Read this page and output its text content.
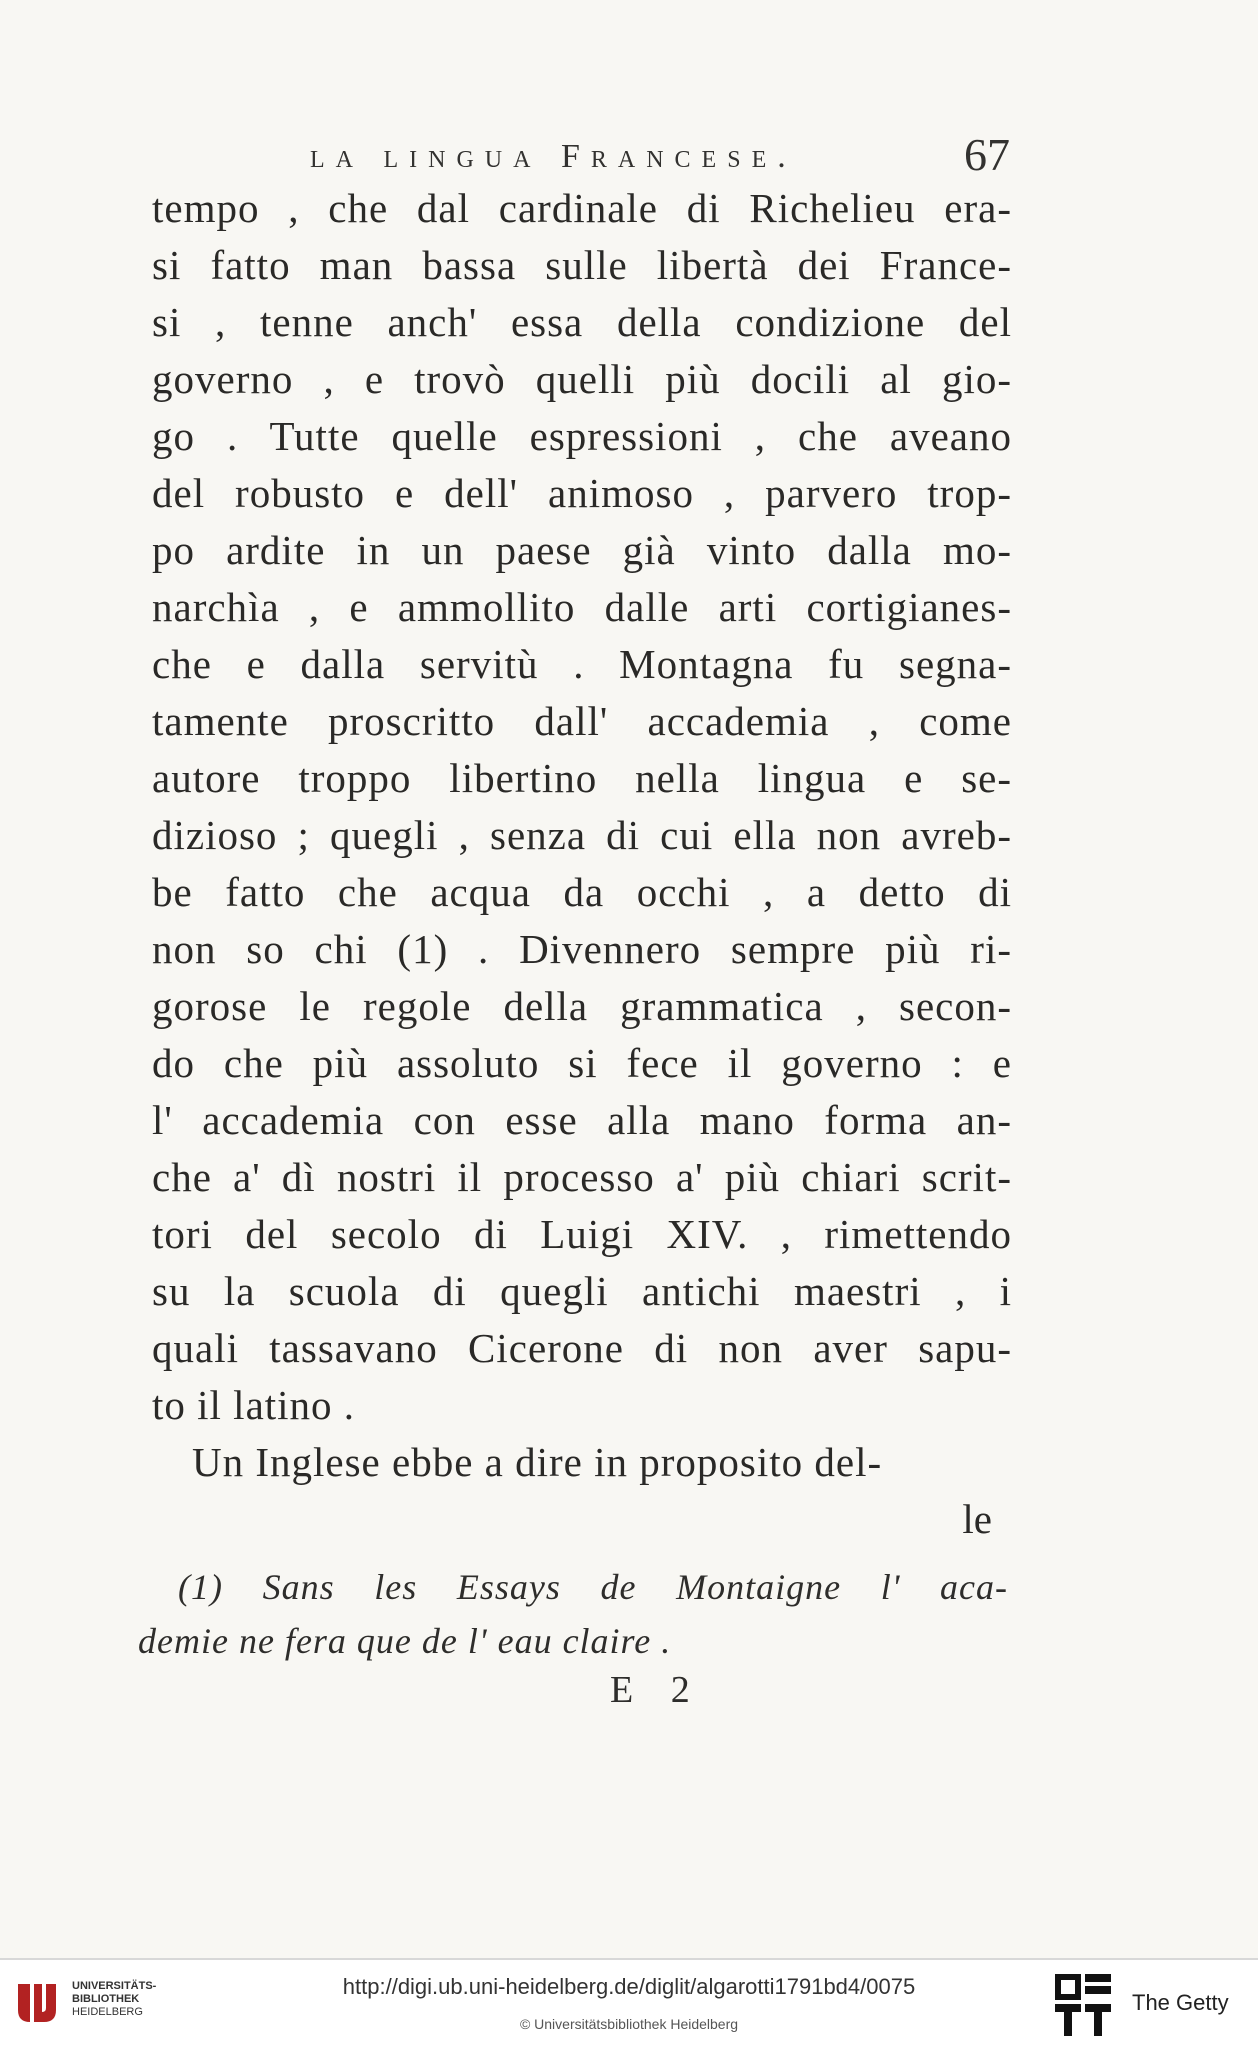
la lingua Francese.	67
tempo , che dal cardinale di Richelieu era-
si fatto man bassa sulle libertà dei France-
si , tenne anch' essa della condizione del
governo , e trovò quelli più docili al gio-
go . Tutte quelle espressioni , che aveano
del robusto e dell' animoso , parvero trop-
po ardite in un paese già vinto dalla mo-
narchìa , e ammollito dalle arti cortigianes-
che e dalla servitù . Montagna fu segna-
tamente proscritto dall' accademia , come
autore troppo libertino nella lingua e se-
dizioso ; quegli , senza di cui ella non avreb-
be fatto che acqua da occhi , a detto di
non so chi (1) . Divennero sempre più ri-
gorose le regole della grammatica , secon-
do che più assoluto si fece il governo : e
l' accademia con esse alla mano forma an-
che a' dì nostri il processo a' più chiari scrit-
tori del secolo di Luigi XIV. , rimettendo
su la scuola di quegli antichi maestri , i
quali tassavano Cicerone di non aver sapu-
to il latino .
Un Inglese ebbe a dire in proposito del-
le
(1) Sans les Essays de Montaigne l' aca-
demie ne fera que de l' eau claire .
E 2
UNIVERSITÄTS-
BIBLIOTHEK
HEIDELBERG
http://digi.ub.uni-heidelberg.de/diglit/algarotti1791bd4/0075
© Universitätsbibliothek Heidelberg
The Getty
